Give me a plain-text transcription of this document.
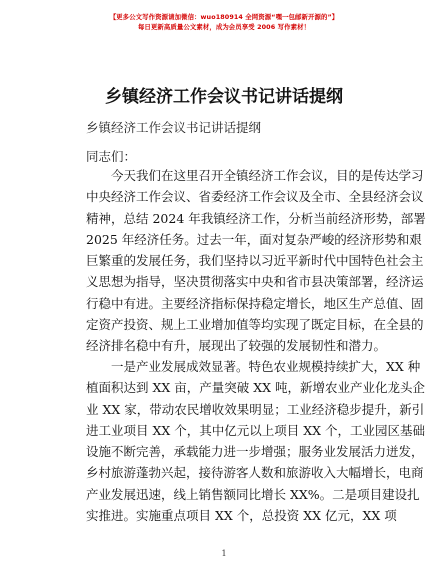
【更多公文写作资源请加微信：wuo180914 全网资源“嘿一包邮新开源的”】
每日更新高质量公文素材，成为会员享受 2006 写作素材！
乡镇经济工作会议书记讲话提纲
乡镇经济工作会议书记讲话提纲
同志们：
今天我们在这里召开全镇经济工作会议，目的是传达学习
中央经济工作会议、省委经济工作会议及全市、全县经济会议
精神，总结 2024 年我镇经济工作，分析当前经济形势，部署
2025 年经济任务。过去一年，面对复杂严峻的经济形势和艰
巨繁重的发展任务，我们坚持以习近平新时代中国特色社会主
义思想为指导，坚决贯彻落实中央和省市县决策部署，经济运
行稳中有进。主要经济指标保持稳定增长，地区生产总值、固
定资产投资、规上工业增加值等均实现了既定目标，在全县的
经济排名稳中有升，展现出了较强的发展韧性和潜力。
一是产业发展成效显著。特色农业规模持续扩大，XX 种
植面积达到 XX 亩，产量突破 XX 吨，新增农业产业化龙头企
业 XX 家，带动农民增收效果明显；工业经济稳步提升，新引
进工业项目 XX 个，其中亿元以上项目 XX 个，工业园区基础
设施不断完善，承载能力进一步增强；服务业发展活力迸发，
乡村旅游蓬勃兴起，接待游客人数和旅游收入大幅增长，电商
产业发展迅速，线上销售额同比增长 XX%。二是项目建设扎
实推进。实施重点项目 XX 个，总投资 XX 亿元，XX 项
1
